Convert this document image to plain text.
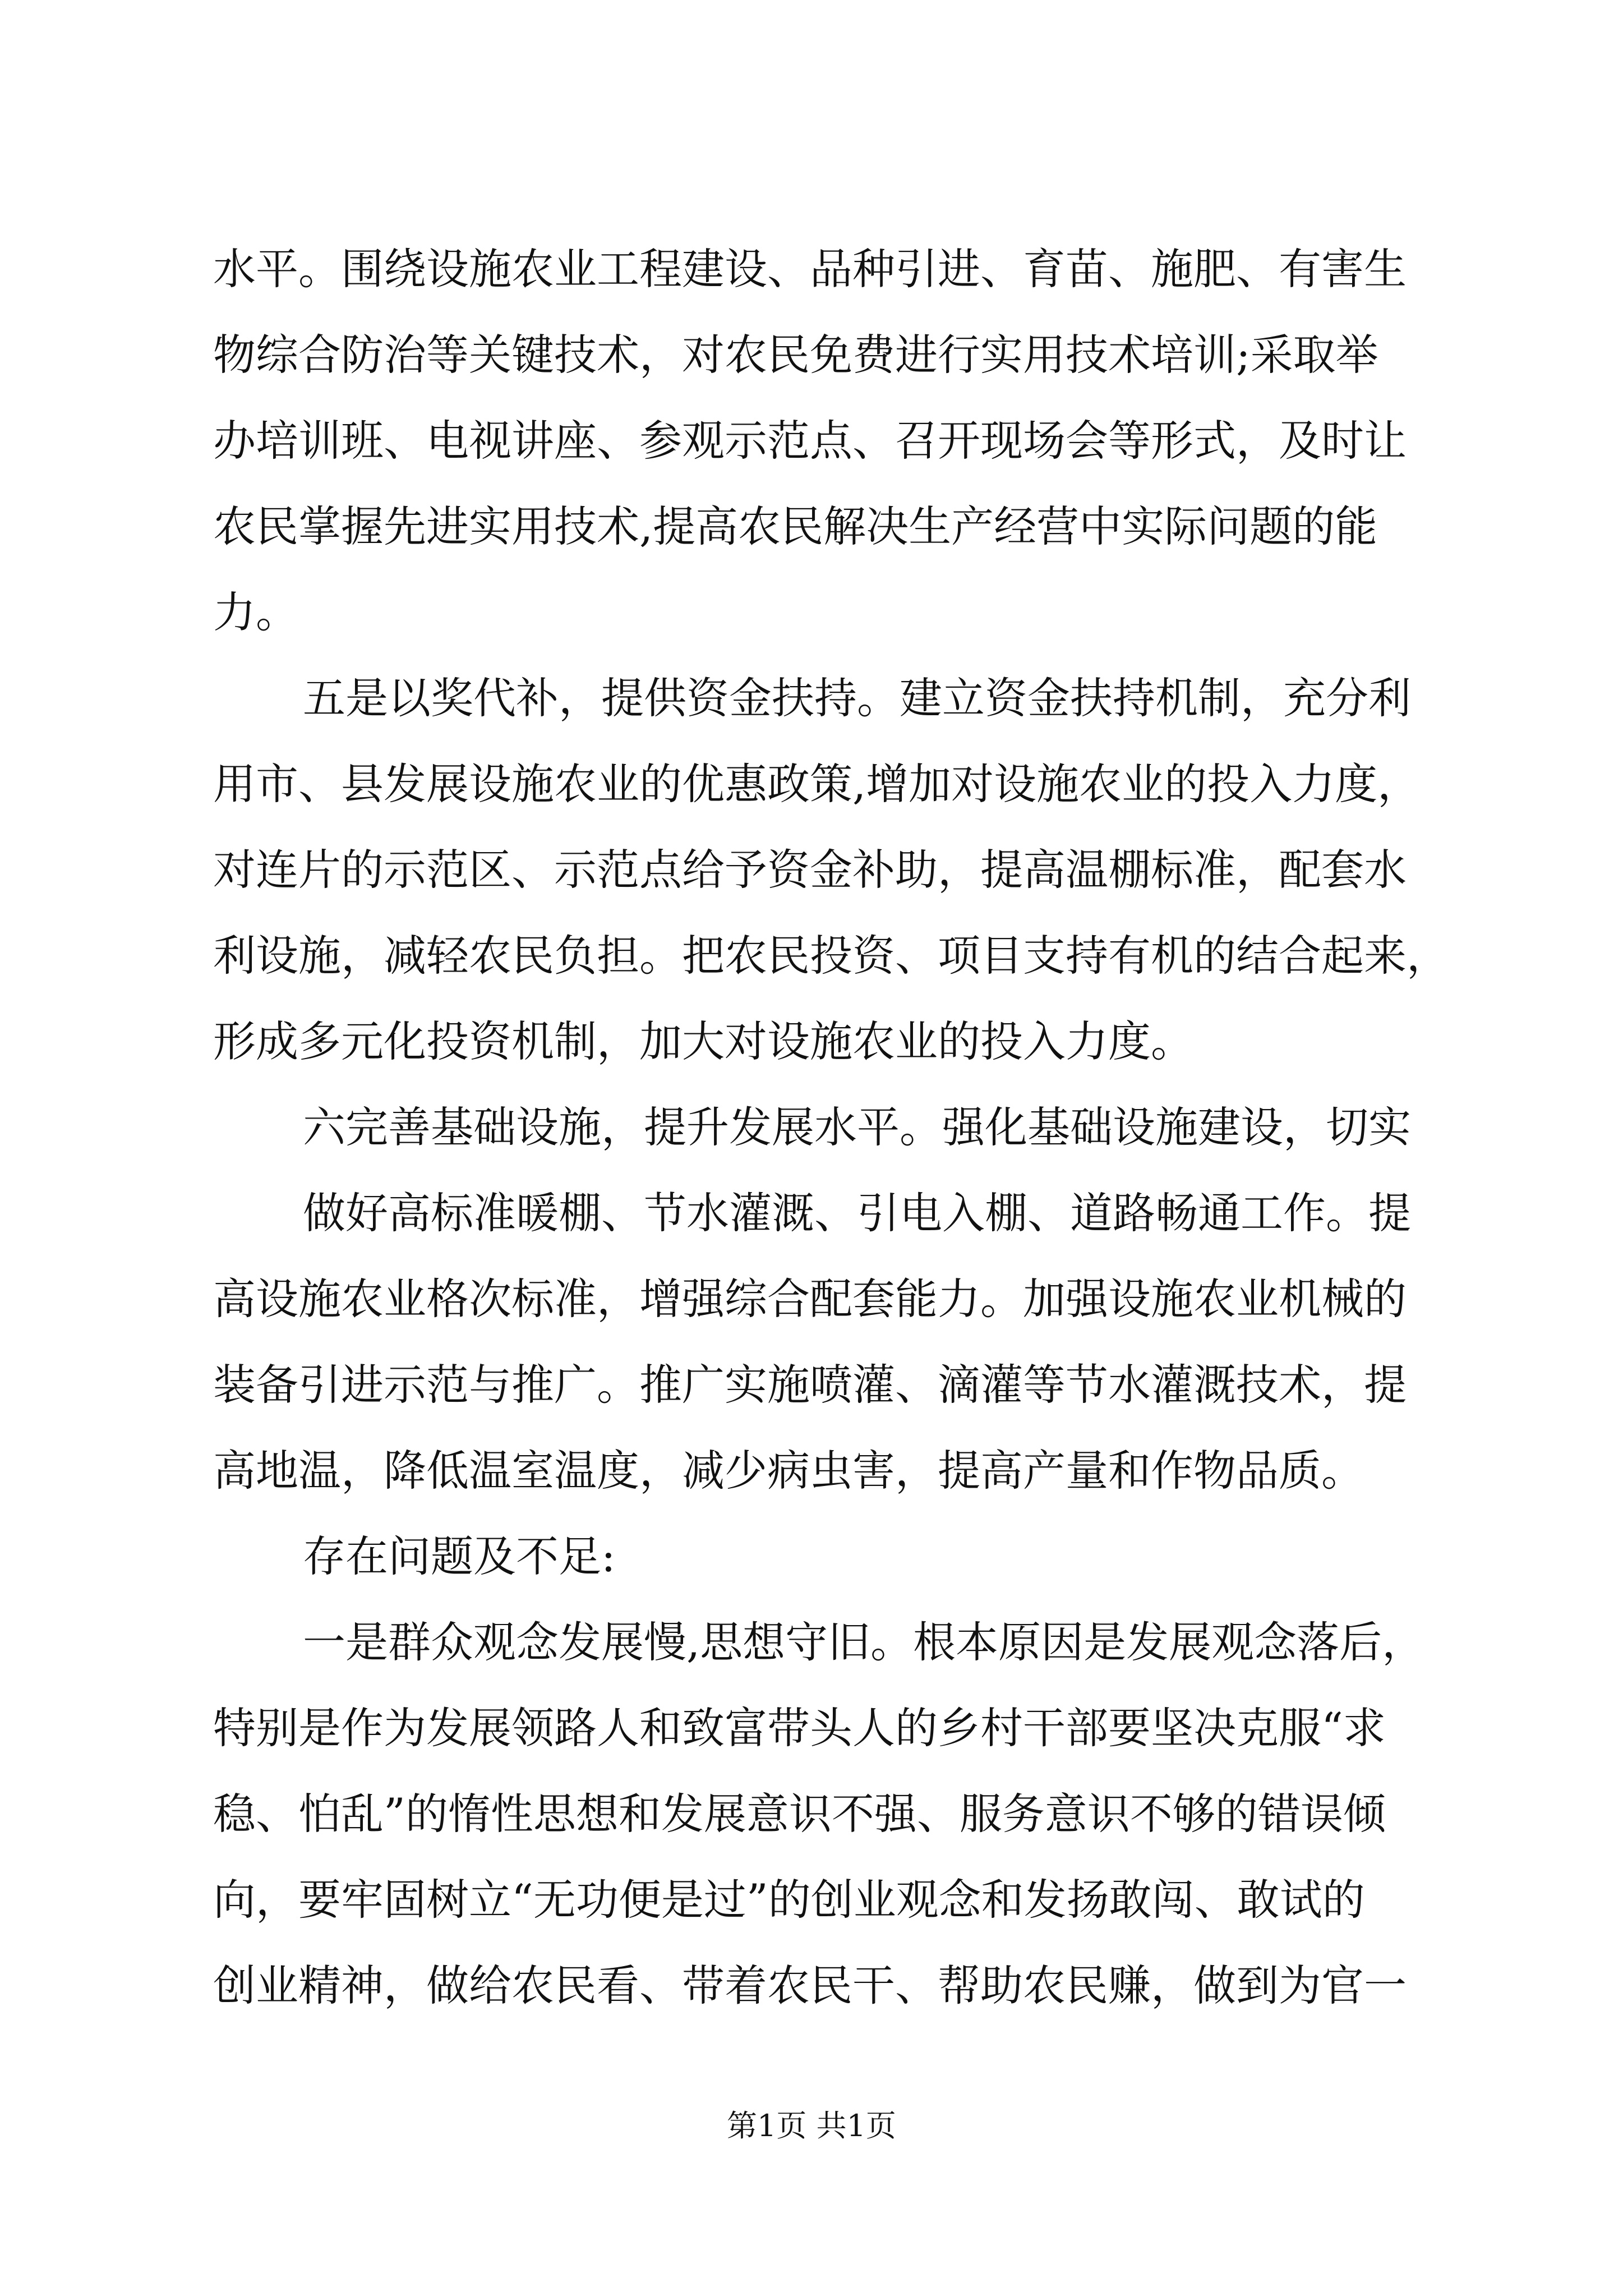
水平。围绕设施农业工程建设、品种引进、育苗、施肥、有害生
物综合防治等关键技术，对农民免费进行实用技术培训;采取举
办培训班、电视讲座、参观示范点、召开现场会等形式，及时让
农民掌握先进实用技术,提高农民解决生产经营中实际问题的能
力。
五是以奖代补，提供资金扶持。建立资金扶持机制，充分利
用市、县发展设施农业的优惠政策,增加对设施农业的投入力度，
对连片的示范区、示范点给予资金补助，提高温棚标准，配套水
利设施，减轻农民负担。把农民投资、项目支持有机的结合起来，
形成多元化投资机制，加大对设施农业的投入力度。
六完善基础设施，提升发展水平。强化基础设施建设，切实
做好高标准暖棚、节水灌溉、引电入棚、道路畅通工作。提
高设施农业格次标准，增强综合配套能力。加强设施农业机械的
装备引进示范与推广。推广实施喷灌、滴灌等节水灌溉技术，提
高地温，降低温室温度，减少病虫害，提高产量和作物品质。
存在问题及不足:
一是群众观念发展慢,思想守旧。根本原因是发展观念落后，
特别是作为发展领路人和致富带头人的乡村干部要坚决克服“求
稳、怕乱”的惰性思想和发展意识不强、服务意识不够的错误倾
向，要牢固树立“无功便是过”的创业观念和发扬敢闯、敢试的
创业精神，做给农民看、带着农民干、帮助农民赚，做到为官一
第1页 共1页
